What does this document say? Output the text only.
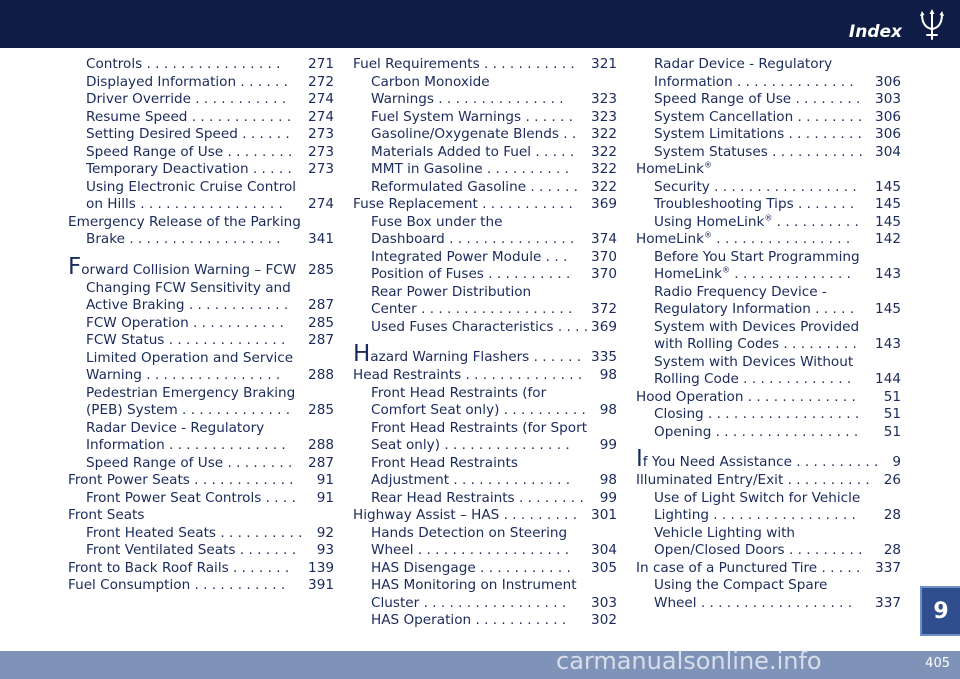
Index
Controls . . . . . . . . . . . . . . . . 271
Displayed Information . . . . . . 272
Driver Override . . . . . . . . . . . 274
Resume Speed . . . . . . . . . . . . 274
Setting Desired Speed . . . . . . 273
Speed Range of Use . . . . . . . . 273
Temporary Deactivation . . . . . 273
Using Electronic Cruise Control
on Hills . . . . . . . . . . . . . . . . . 274
Emergency Release of the Parking
Brake . . . . . . . . . . . . . . . . . . 341
Forward Collision Warning – FCW 285
Changing FCW Sensitivity and
Active Braking . . . . . . . . . . . . 287
FCW Operation . . . . . . . . . . . 285
FCW Status . . . . . . . . . . . . . . 287
Limited Operation and Service
Warning . . . . . . . . . . . . . . . . 288
Pedestrian Emergency Braking
(PEB) System . . . . . . . . . . . . . 285
Radar Device - Regulatory
Information . . . . . . . . . . . . . . 288
Speed Range of Use . . . . . . . . 287
Front Power Seats . . . . . . . . . . . . 91
Front Power Seat Controls . . . . 91
Front Seats
Front Heated Seats . . . . . . . . . . 92
Front Ventilated Seats . . . . . . . 93
Front to Back Roof Rails . . . . . . . 139
Fuel Consumption . . . . . . . . . . . 391
Fuel Requirements . . . . . . . . . . . 321
Carbon Monoxide
Warnings . . . . . . . . . . . . . . . 323
Fuel System Warnings . . . . . . 323
Gasoline/Oxygenate Blends . . 322
Materials Added to Fuel . . . . . 322
MMT in Gasoline . . . . . . . . . . 322
Reformulated Gasoline . . . . . . 322
Fuse Replacement . . . . . . . . . . . 369
Fuse Box under the
Dashboard . . . . . . . . . . . . . . . 374
Integrated Power Module . . . 370
Position of Fuses . . . . . . . . . . 370
Rear Power Distribution
Center . . . . . . . . . . . . . . . . . . 372
Used Fuses Characteristics . . . . 369
Hazard Warning Flashers . . . . . . 335
Head Restraints . . . . . . . . . . . . . . 98
Front Head Restraints (for
Comfort Seat only) . . . . . . . . . . 98
Front Head Restraints (for Sport
Seat only) . . . . . . . . . . . . . . . 99
Front Head Restraints
Adjustment . . . . . . . . . . . . . . 98
Rear Head Restraints . . . . . . . . 99
Highway Assist – HAS . . . . . . . . . 301
Hands Detection on Steering
Wheel . . . . . . . . . . . . . . . . . . 304
HAS Disengage . . . . . . . . . . . 305
HAS Monitoring on Instrument
Cluster . . . . . . . . . . . . . . . . . 303
HAS Operation . . . . . . . . . . . 302
Radar Device - Regulatory
Information . . . . . . . . . . . . . . 306
Speed Range of Use . . . . . . . . 303
System Cancellation . . . . . . . . 306
System Limitations . . . . . . . . . 306
System Statuses . . . . . . . . . . . 304
HomeLink®
Security . . . . . . . . . . . . . . . . . 145
Troubleshooting Tips . . . . . . . 145
Using HomeLink® . . . . . . . . . . 145
HomeLink® . . . . . . . . . . . . . . . . 142
Before You Start Programming
HomeLink® . . . . . . . . . . . . . . 143
Radio Frequency Device -
Regulatory Information . . . . . 145
System with Devices Provided
with Rolling Codes . . . . . . . . . 143
System with Devices Without
Rolling Code . . . . . . . . . . . . . 144
Hood Operation . . . . . . . . . . . . . 51
Closing . . . . . . . . . . . . . . . . . . 51
Opening . . . . . . . . . . . . . . . . . 51
If You Need Assistance . . . . . . . . . . 9
Illuminated Entry/Exit . . . . . . . . . . 26
Use of Light Switch for Vehicle
Lighting . . . . . . . . . . . . . . . . . 28
Vehicle Lighting with
Open/Closed Doors . . . . . . . . . 28
In case of a Punctured Tire . . . . . 337
Using the Compact Spare
Wheel . . . . . . . . . . . . . . . . . . 337	9
carmanualsonline.info	405
